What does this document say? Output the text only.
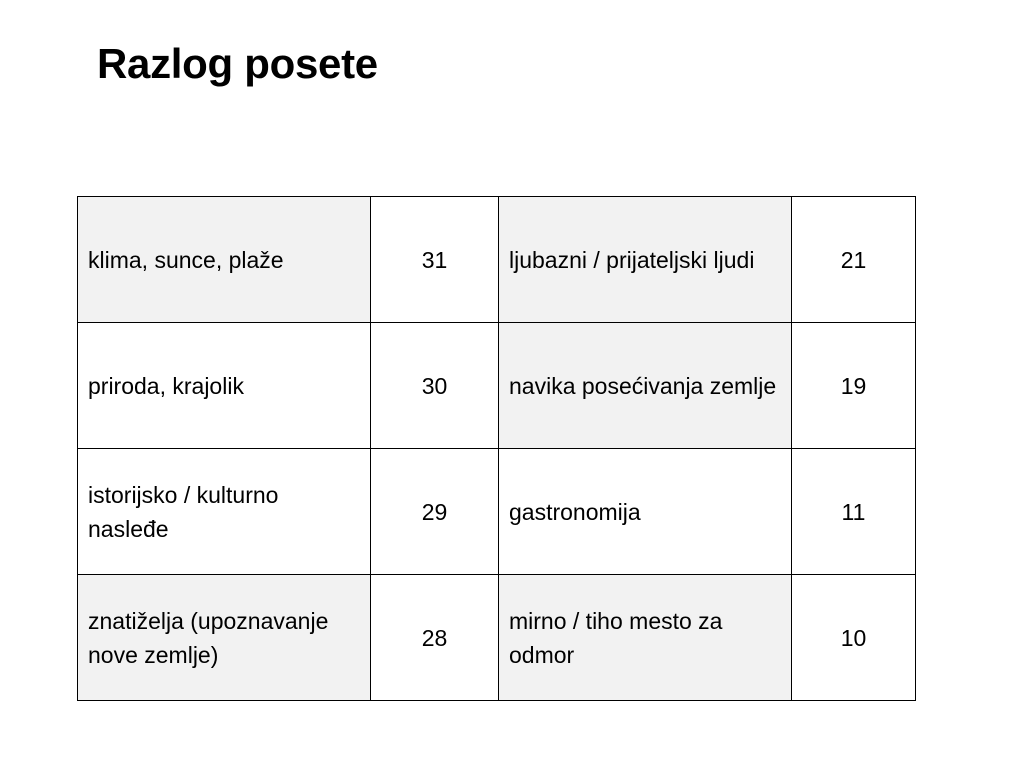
Razlog posete
klima, sunce, plaže	31	ljubazni / prijateljski ljudi	21
priroda, krajolik	30	navika posećivanja zemlje	19
istorijsko / kulturno nasleđe	29	gastronomija	11
znatiželja (upoznavanje nove zemlje)	28	mirno / tiho mesto za odmor	10
